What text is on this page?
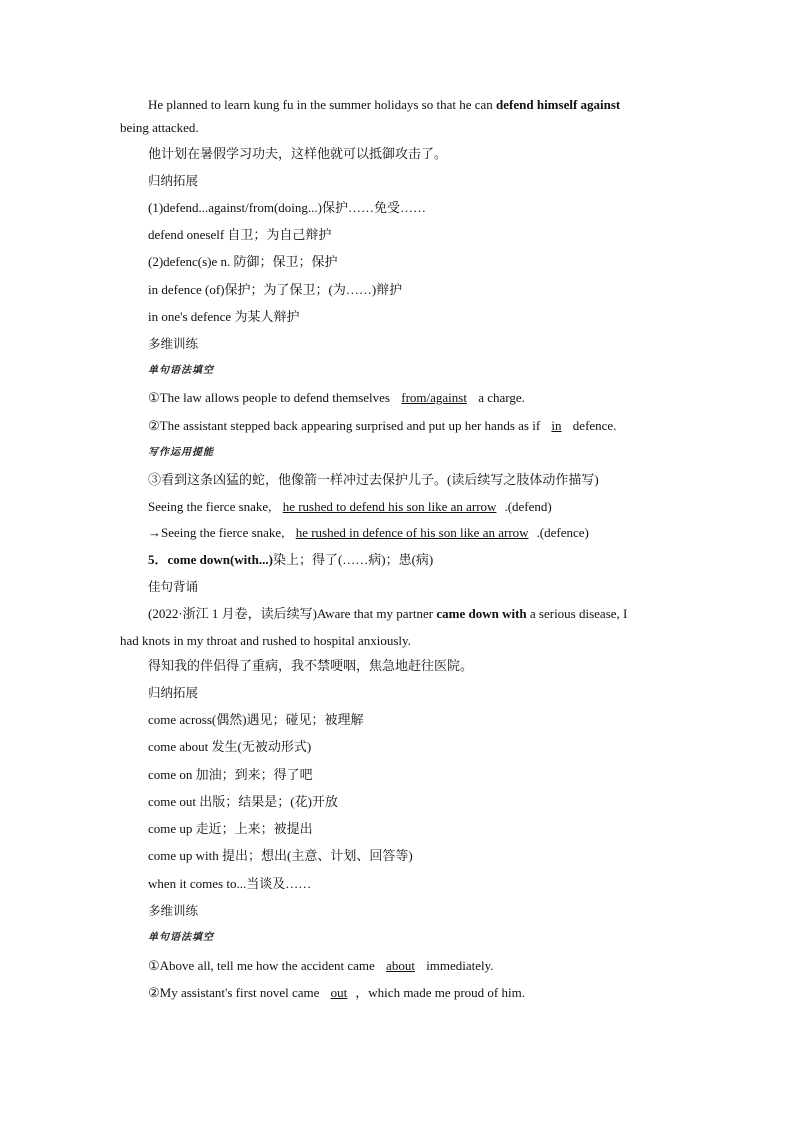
He planned to learn kung fu in the summer holidays so that he can defend himself against
being attacked.
他计划在暑假学习功夫，这样他就可以抵御攻击了。
归纳拓展
(1)defend...against/from(doing...)保护……免受……
defend oneself 自卫；为自己辩护
(2)defenc(s)e n. 防御；保卫；保护
in defence (of)保护；为了保卫；(为……)辩护
in one's defence 为某人辩护
多维训练
单句语法填空
①The law allows people to defend themselves from/against a charge.
②The assistant stepped back appearing surprised and put up her hands as if in defence.
写作运用提能
③看到这条凶猛的蛇，他像箭一样冲过去保护儿子。(读后续写之肢体动作描写)
Seeing the fierce snake, he rushed to defend his son like an arrow .(defend)
→Seeing the fierce snake, he rushed in defence of his son like an arrow .(defence)
5．come down(with...)染上；得了(……病)；患(病)
佳句背诵
(2022·浙江 1 月卷，读后续写)Aware that my partner came down with a serious disease, I
had knots in my throat and rushed to hospital anxiously.
得知我的伴侣得了重病，我不禁哽咽，焦急地赶往医院。
归纳拓展
come across(偶然)遇见；碰见；被理解
come about 发生(无被动形式)
come on 加油；到来；得了吧
come out 出版；结果是；(花)开放
come up 走近；上来；被提出
come up with 提出；想出(主意、计划、回答等)
when it comes to...当谈及……
多维训练
单句语法填空
①Above all, tell me how the accident came about immediately.
②My assistant's first novel came out ，which made me proud of him.
